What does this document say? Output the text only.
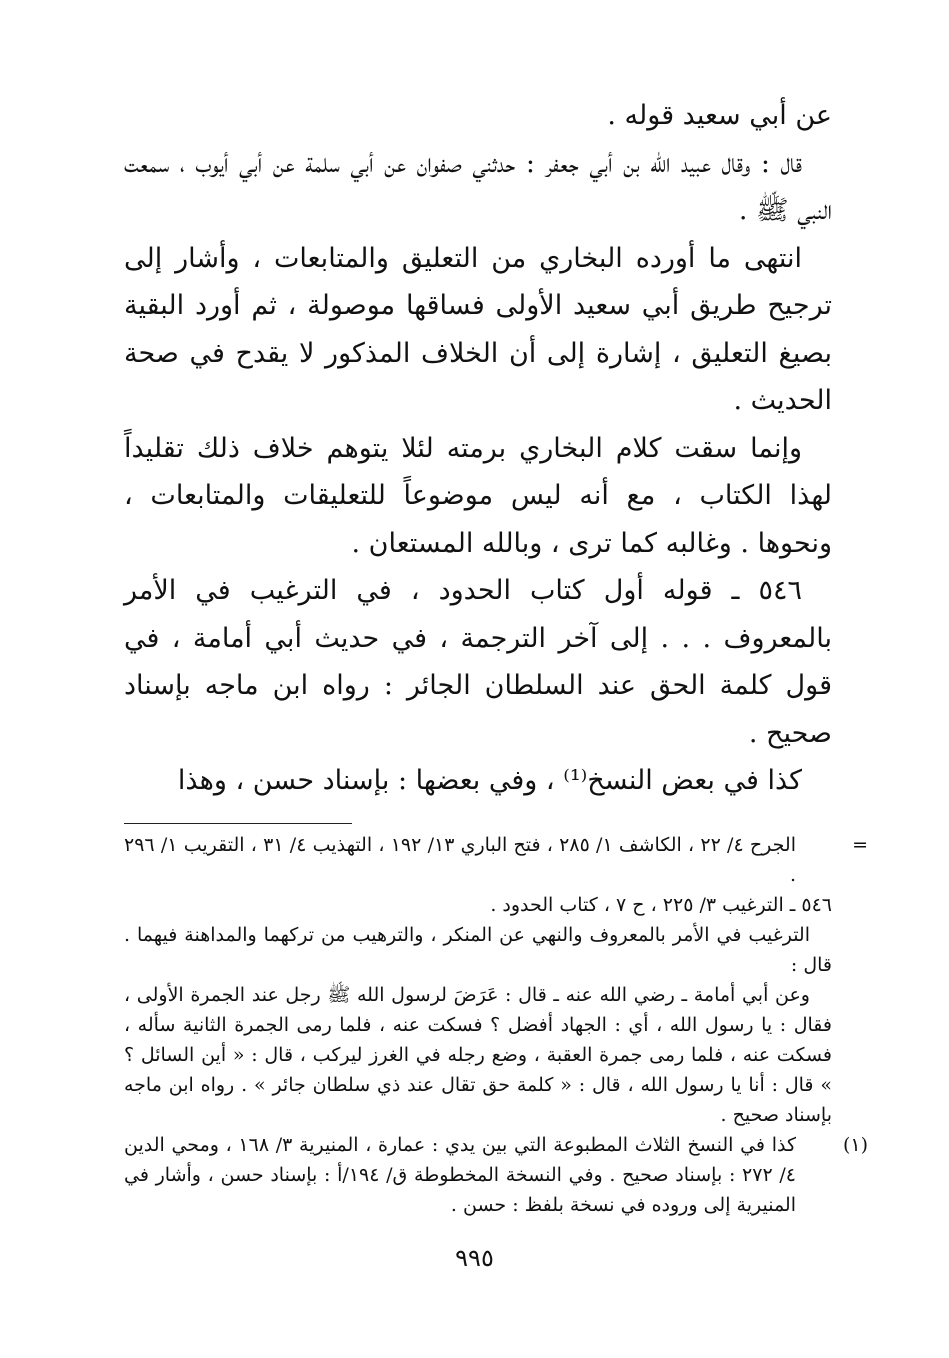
عن أبي سعيد قوله .

قال : وقال عبيد الله بن أبي جعفر : حدثني صفوان عن أبي سلمة عن أبي أيوب ، سمعت النبي ﷺ .

انتهى ما أورده البخاري من التعليق والمتابعات ، وأشار إلى ترجيح طريق أبي سعيد الأولى فساقها موصولة ، ثم أورد البقية بصيغ التعليق ، إشارة إلى أن الخلاف المذكور لا يقدح في صحة الحديث .

وإنما سقت كلام البخاري برمته لئلا يتوهم خلاف ذلك تقليداً لهذا الكتاب ، مع أنه ليس موضوعاً للتعليقات والمتابعات ، ونحوها . وغالبه كما ترى ، وبالله المستعان .

٥٤٦ ـ قوله أول كتاب الحدود ، في الترغيب في الأمر بالمعروف . . . إلى آخر الترجمة ، في حديث أبي أمامة ، في قول كلمة الحق عند السلطان الجائر : رواه ابن ماجه بإسناد صحيح .

كذا في بعض النسخ⁽¹⁾ ، وفي بعضها : بإسناد حسن ، وهذا

=الجرح ٤/ ٢٢ ، الكاشف ١/ ٢٨٥ ، فتح الباري ١٣/ ١٩٢ ، التهذيب ٤/ ٣١ ، التقريب ١/ ٢٩٦ .

٥٤٦ ـ الترغيب ٣/ ٢٢٥ ، ح ٧ ، كتاب الحدود .

الترغيب في الأمر بالمعروف والنهي عن المنكر ، والترهيب من تركهما والمداهنة فيهما . قال :

وعن أبي أمامة ـ رضي الله عنه ـ قال : عَرَضَ لرسول الله ﷺ رجل عند الجمرة الأولى ، فقال : يا رسول الله ، أي : الجهاد أفضل ؟ فسكت عنه ، فلما رمى الجمرة الثانية سأله ، فسكت عنه ، فلما رمى جمرة العقبة ، وضع رجله في الغرز ليركب ، قال : « أين السائل ؟ » قال : أنا يا رسول الله ، قال : « كلمة حق تقال عند ذي سلطان جائر » . رواه ابن ماجه بإسناد صحيح .

(١)كذا في النسخ الثلاث المطبوعة التي بين يدي : عمارة ، المنيرية ٣/ ١٦٨ ، ومحي الدين ٤/ ٢٧٢ : بإسناد صحيح . وفي النسخة المخطوطة ق/ ١٩٤/أ : بإسناد حسن ، وأشار في المنيرية إلى وروده في نسخة بلفظ : حسن .

٩٩٥
